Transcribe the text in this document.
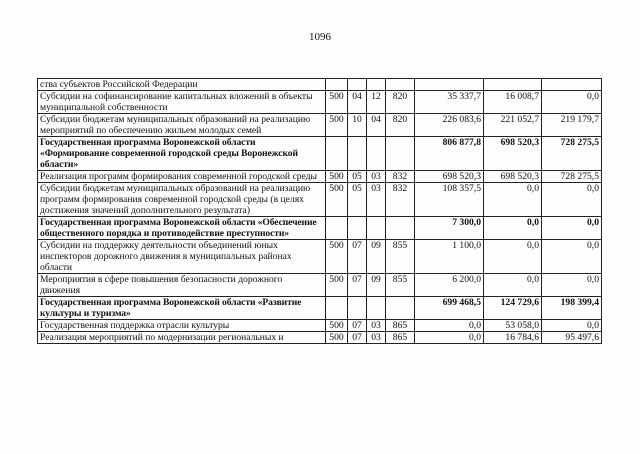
1096
ства субъектов Российской Федерации							
Субсидии на софинансирование капитальных вложений в объекты муниципальной собственности	500	04	12	820	35 337,7	16 008,7	0,0
Субсидии бюджетам муниципальных образований на реализацию мероприятий по обеспечению жильем молодых семей	500	10	04	820	226 083,6	221 052,7	219 179,7
Государственная программа Воронежской области «Формирование современной городской среды Воронежской области»					806 877,8	698 520,3	728 275,5
Реализация программ формирования современной городской среды	500	05	03	832	698 520,3	698 520,3	728 275,5
Субсидии бюджетам муниципальных образований на реализацию программ формирования современной городской среды (в целях достижения значений дополнительного результата)	500	05	03	832	108 357,5	0,0	0,0
Государственная программа Воронежской области «Обеспечение общественного порядка и противодействие преступности»					7 300,0	0,0	0,0
Субсидии на поддержку деятельности объединений юных инспекторов дорожного движения в муниципальных районах области	500	07	09	855	1 100,0	0,0	0,0
Мероприятия в сфере повышения безопасности дорожного движения	500	07	09	855	6 200,0	0,0	0,0
Государственная программа Воронежской области «Развитие культуры и туризма»					699 468,5	124 729,6	198 399,4
Государственная поддержка отрасли культуры	500	07	03	865	0,0	53 058,0	0,0
Реализация мероприятий по модернизации региональных и	500	07	03	865	0,0	16 784,6	95 497,6
